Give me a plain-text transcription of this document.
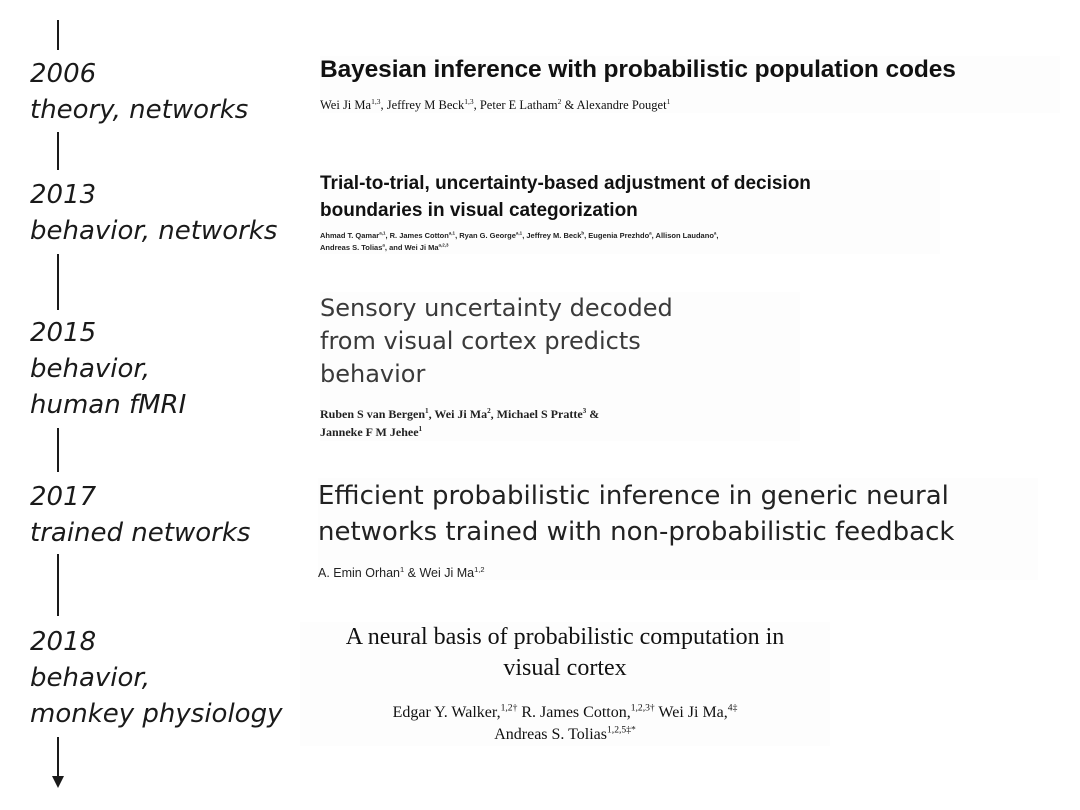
2006
theory, networks
2013
behavior, networks
2015
behavior,
human fMRI
2017
trained networks
2018
behavior,
monkey physiology
Bayesian inference with probabilistic population codes
Wei Ji Ma$^{1,3}$, Jeffrey M Beck$^{1,3}$, Peter E Latham$^2$ & Alexandre Pouget$^1$
Trial-to-trial, uncertainty-based adjustment of decision
boundaries in visual categorization
Ahmad T. Qamar$^{a,1}$, R. James Cotton$^{a,1}$, Ryan G. George$^{a,1}$, Jeffrey M. Beck$^b$, Eugenia Prezhdo$^a$, Allison Laudano$^a$,
Andreas S. Tolias$^a$, and Wei Ji Ma$^{a,2,3}$
Sensory uncertainty decoded
from visual cortex predicts
behavior
Ruben S van Bergen$^1$, Wei Ji Ma$^2$, Michael S Pratte$^3$ &
Janneke F M Jehee$^1$
Efficient probabilistic inference in generic neural
networks trained with non-probabilistic feedback
A. Emin Orhan$^1$ & Wei Ji Ma$^{1,2}$
A neural basis of probabilistic computation in
visual cortex
Edgar Y. Walker,$^{1,2\dagger}$ R. James Cotton,$^{1,2,3\dagger}$ Wei Ji Ma,$^{4\ddagger}$
Andreas S. Tolias$^{1,2,5\ddagger*}$
